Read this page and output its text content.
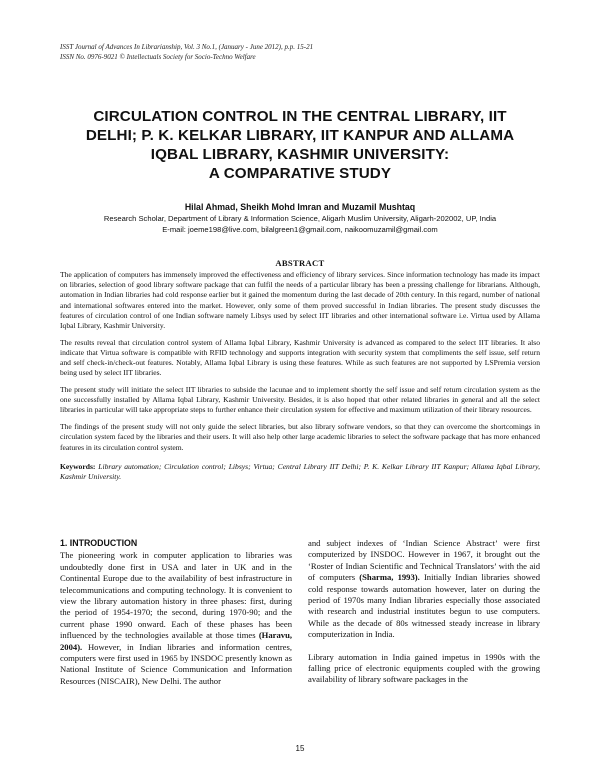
ISST Journal of Advances In Librarianship, Vol. 3 No.1, (January - June 2012), p.p. 15-21
ISSN No. 0976-9021 © Intellectuals Society for Socio-Techno Welfare
CIRCULATION CONTROL IN THE CENTRAL LIBRARY, IIT
DELHI; P. K. KELKAR LIBRARY, IIT KANPUR AND ALLAMA
IQBAL LIBRARY, KASHMIR UNIVERSITY:
A COMPARATIVE STUDY
Hilal Ahmad, Sheikh Mohd Imran and Muzamil Mushtaq
Research Scholar, Department of Library & Information Science, Aligarh Muslim University, Aligarh-202002, UP, India
E-mail: joeme198@live.com, bilalgreen1@gmail.com, naikoomuzamil@gmail.com
ABSTRACT

The application of computers has immensely improved the effectiveness and efficiency of library services. Since information technology has made its impact on libraries, selection of good library software package that can fulfil the needs of a particular library has been a pressing challenge for librarians. Although, automation in Indian libraries had cold response earlier but it gained the momentum during the last decade of 20th century. In this regard, number of national and international softwares entered into the market. However, only some of them proved successful in Indian libraries. The present study discusses the features of circulation control of one Indian software namely Libsys used by select IIT libraries and other international software i.e. Virtua used by Allama Iqbal Library, Kashmir University.

The results reveal that circulation control system of Allama Iqbal Library, Kashmir University is advanced as compared to the select IIT libraries. It also indicate that Virtua software is compatible with RFID technology and supports integration with security system that compliments the self issue, self return and self check-in/check-out features. Notably, Allama Iqbal Library is using these features. While as such features are not supported by LSPremia version being used by select IIT libraries.

The present study will initiate the select IIT libraries to subside the lacunae and to implement shortly the self issue and self return circulation system as the one successfully installed by Allama Iqbal Library, Kashmir University. Besides, it is also hoped that other related libraries in general and all the select libraries in particular will take appropriate steps to further enhance their circulation system for effective and maximum utilization of their library resources.

The findings of the present study will not only guide the select libraries, but also library software vendors, so that they can overcome the shortcomings in circulation system faced by the libraries and their users. It will also help other large academic libraries to select the software package that has more enhanced features in its circulation control system.

Keywords: Library automation; Circulation control; Libsys; Virtua; Central Library IIT Delhi; P. K. Kelkar Library IIT Kanpur; Allama Iqbal Library, Kashmir University.
1. INTRODUCTION

The pioneering work in computer application to libraries was undoubtedly done first in USA and later in UK and in the Continental Europe due to the availability of best infrastructure in telecommunications and computing technology. It is convenient to view the library automation history in three phases: first, during the period of 1954-1970; the second, during 1970-90; and the current phase 1990 onward. Each of these phases has been influenced by the technologies available at those times (Haravu, 2004). However, in Indian libraries and information centres, computers were first used in 1965 by INSDOC presently known as National Institute of Science Communication and Information Resources (NISCAIR), New Delhi. The author

and subject indexes of ‘Indian Science Abstract’ were first computerized by INSDOC. However in 1967, it brought out the ‘Roster of Indian Scientific and Technical Translators’ with the aid of computers (Sharma, 1993). Initially Indian libraries showed cold response towards automation however, later on during the period of 1970s many Indian libraries especially those associated with research and industrial institutes begun to use computers. While as the decade of 80s witnessed steady increase in library computerization in India.

Library automation in India gained impetus in 1990s with the falling price of electronic equipments coupled with the growing availability of library software packages in the

15
